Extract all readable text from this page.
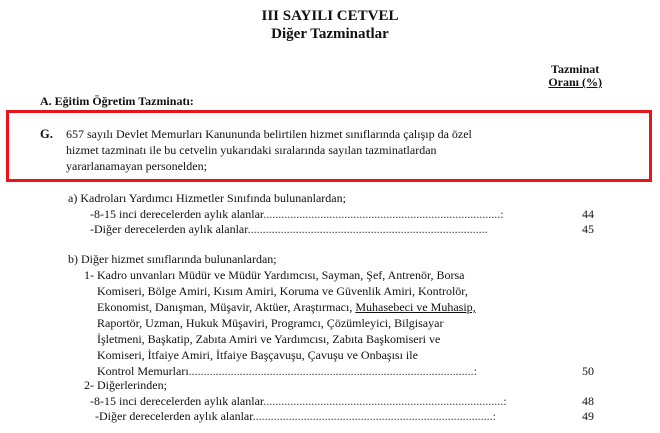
III SAYILI CETVEL
Diğer Tazminatlar
Tazminat
Oranı (%)
A. Eğitim Öğretim Tazminatı:
G. 657 sayılı Devlet Memurları Kanununda belirtilen hizmet sınıflarında çalışıp da özel
hizmet tazminatı ile bu cetvelin yukarıdaki sıralarında sayılan tazminatlardan
yararlanamayan personelden;
a) Kadroları Yardımcı Hizmetler Sınıfında bulunanlardan;
-8-15 inci derecelerden aylık alanlar...............................................................................:	44
-Diğer derecelerden aylık alanlar................................................................................	45
b) Diğer hizmet sınıflarında bulunanlardan;
1- Kadro unvanları Müdür ve Müdür Yardımcısı, Sayman, Şef, Antrenör, Borsa
Komiseri, Bölge Amiri, Kısım Amiri, Koruma ve Güvenlik Amiri, Kontrolör,
Ekonomist, Danışman, Müşavir, Aktüer, Araştırmacı, Muhasebeci ve Muhasip,
Raportör, Uzman, Hukuk Müşaviri, Programcı, Çözümleyici, Bilgisayar
İşletmeni, Başkatip, Zabıta Amiri ve Yardımcısı, Zabıta Başkomiseri ve
Komiseri, İtfaiye Amiri, İtfaiye Başçavuşu, Çavuşu ve Onbaşısı ile
Kontrol Memurları...............................................................................................:	50
2- Diğerlerinden;
-8-15 inci derecelerden aylık alanlar................................................................................:	48
-Diğer derecelerden aylık alanlar................................................................................:	49
